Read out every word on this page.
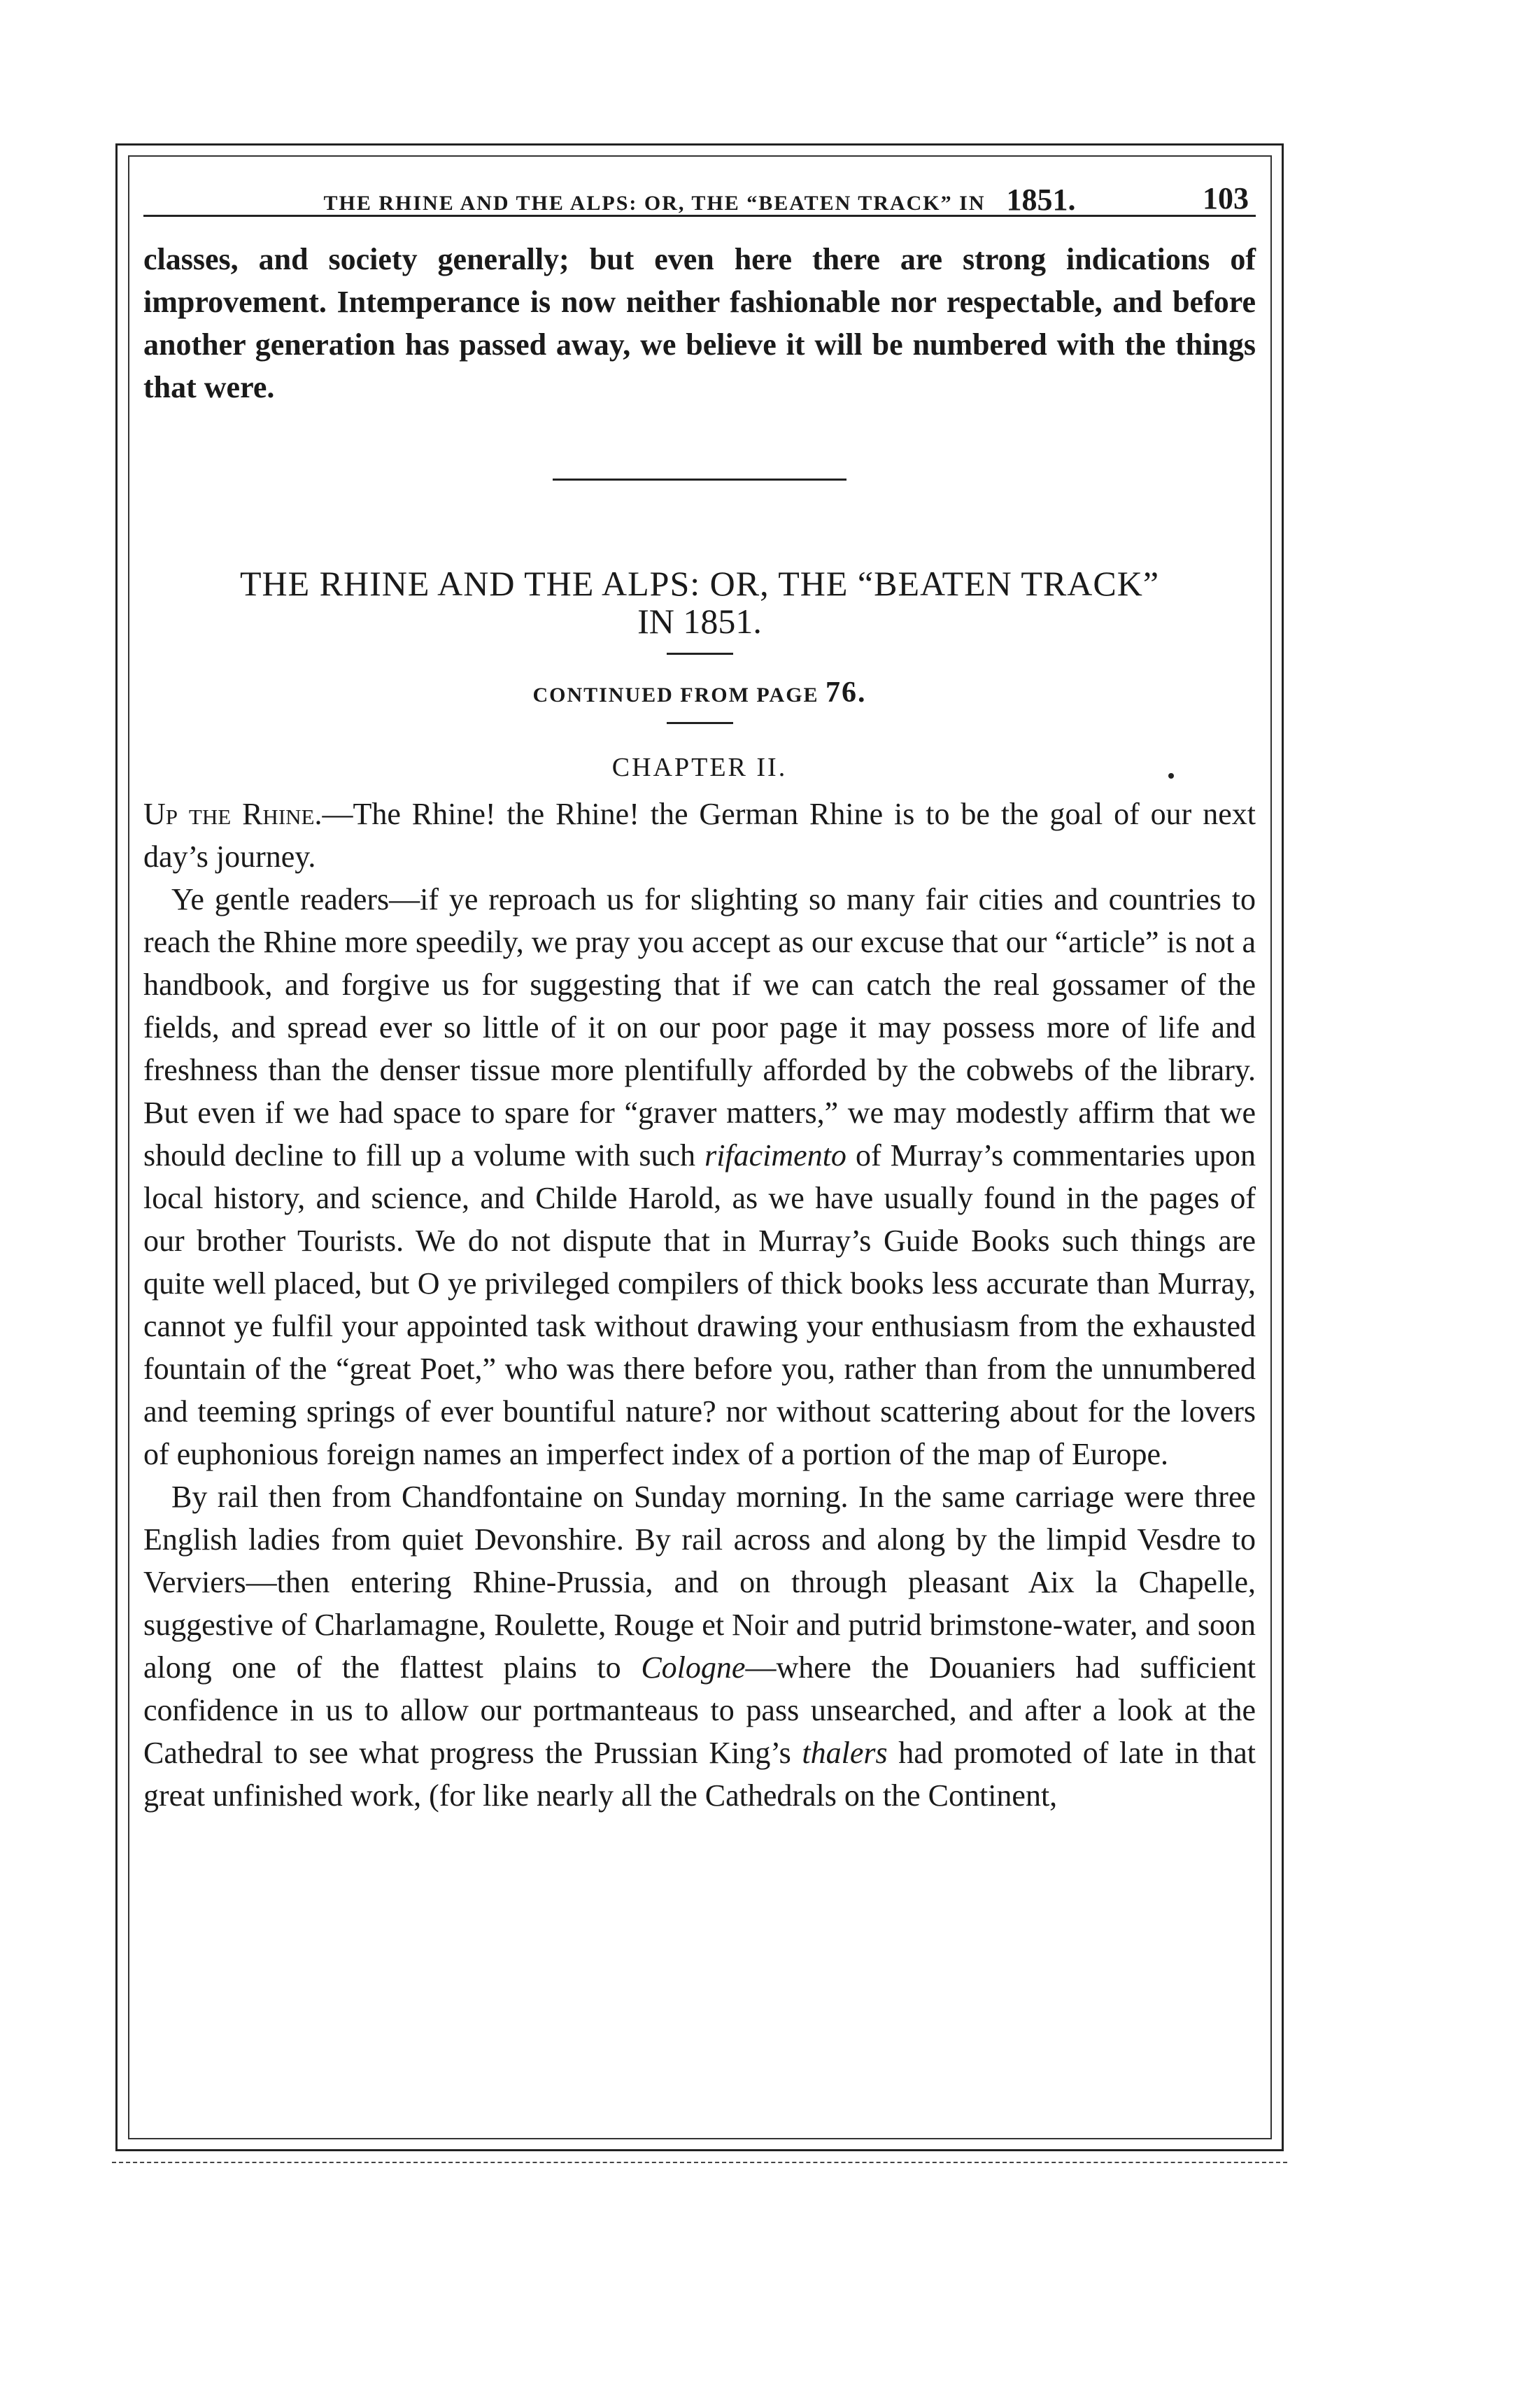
THE RHINE AND THE ALPS: OR, THE “BEATEN TRACK” IN 1851.	103

classes, and society generally; but even here there are strong indications of improvement. Intemperance is now neither fashionable nor respectable, and before another generation has passed away, we believe it will be numbered with the things that were.

THE RHINE AND THE ALPS: OR, THE “BEATEN TRACK”
IN 1851.
CONTINUED FROM PAGE 76.
CHAPTER II.

Up the Rhine.—The Rhine! the Rhine! the German Rhine is to be the goal of our next day’s journey.

Ye gentle readers—if ye reproach us for slighting so many fair cities and countries to reach the Rhine more speedily, we pray you accept as our excuse that our “article” is not a handbook, and forgive us for suggesting that if we can catch the real gossamer of the fields, and spread ever so little of it on our poor page it may possess more of life and freshness than the denser tissue more plentifully afforded by the cobwebs of the library. But even if we had space to spare for “graver matters,” we may modestly affirm that we should decline to fill up a volume with such rifacimento of Murray’s commentaries upon local history, and science, and Childe Harold, as we have usually found in the pages of our brother Tourists. We do not dispute that in Murray’s Guide Books such things are quite well placed, but O ye privileged compilers of thick books less accurate than Murray, cannot ye fulfil your appointed task without drawing your enthusiasm from the exhausted fountain of the “great Poet,” who was there before you, rather than from the unnumbered and teeming springs of ever bountiful nature? nor without scattering about for the lovers of euphonious foreign names an imperfect index of a portion of the map of Europe.

By rail then from Chandfontaine on Sunday morning. In the same carriage were three English ladies from quiet Devonshire. By rail across and along by the limpid Vesdre to Verviers—then entering Rhine-Prussia, and on through pleasant Aix la Chapelle, suggestive of Charlamagne, Roulette, Rouge et Noir and putrid brimstone-water, and soon along one of the flattest plains to Cologne—where the Douaniers had sufficient confidence in us to allow our portmanteaus to pass unsearched, and after a look at the Cathedral to see what progress the Prussian King’s thalers had promoted of late in that great unfinished work, (for like nearly all the Cathedrals on the Continent,
